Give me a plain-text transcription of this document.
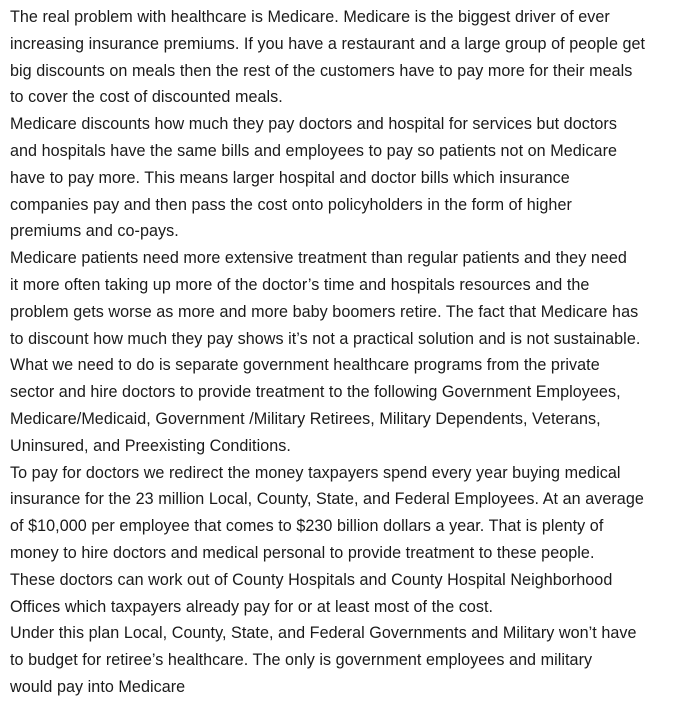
The real problem with healthcare is Medicare. Medicare is the biggest driver of ever
increasing insurance premiums. If you have a restaurant and a large group of people get
big discounts on meals then the rest of the customers have to pay more for their meals
to cover the cost of discounted meals.
Medicare discounts how much they pay doctors and hospital for services but doctors
and hospitals have the same bills and employees to pay so patients not on Medicare
have to pay more. This means larger hospital and doctor bills which insurance
companies pay and then pass the cost onto policyholders in the form of higher
premiums and co-pays.
Medicare patients need more extensive treatment than regular patients and they need
it more often taking up more of the doctor’s time and hospitals resources and the
problem gets worse as more and more baby boomers retire. The fact that Medicare has
to discount how much they pay shows it’s not a practical solution and is not sustainable.
What we need to do is separate government healthcare programs from the private
sector and hire doctors to provide treatment to the following Government Employees,
Medicare/Medicaid, Government /Military Retirees, Military Dependents, Veterans,
Uninsured, and Preexisting Conditions.
To pay for doctors we redirect the money taxpayers spend every year buying medical
insurance for the 23 million Local, County, State, and Federal Employees. At an average
of $10,000 per employee that comes to $230 billion dollars a year. That is plenty of
money to hire doctors and medical personal to provide treatment to these people.
These doctors can work out of County Hospitals and County Hospital Neighborhood
Offices which taxpayers already pay for or at least most of the cost.
Under this plan Local, County, State, and Federal Governments and Military won’t have
to budget for retiree’s healthcare. The only is government employees and military
would pay into Medicare
